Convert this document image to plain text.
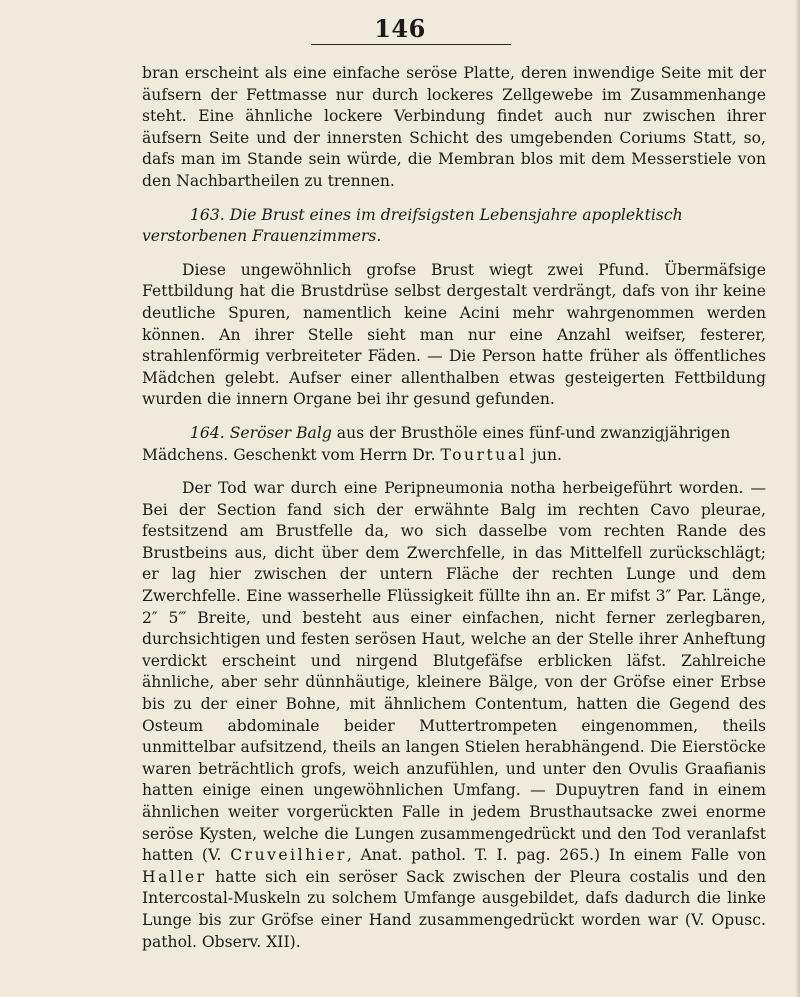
146

bran erscheint als eine einfache seröse Platte, deren inwendige Seite mit der äufsern der Fettmasse nur durch lockeres Zellgewebe im Zusammenhange steht. Eine ähnliche lockere Verbindung findet auch nur zwischen ihrer äufsern Seite und der innersten Schicht des umgebenden Coriums Statt, so, dafs man im Stande sein würde, die Membran blos mit dem Messerstiele von den Nachbartheilen zu trennen.

163. Die Brust eines im dreifsigsten Lebensjahre apoplektisch verstorbenen Frauenzimmers.

Diese ungewöhnlich grofse Brust wiegt zwei Pfund. Übermäfsige Fettbildung hat die Brustdrüse selbst dergestalt verdrängt, dafs von ihr keine deutliche Spuren, namentlich keine Acini mehr wahrgenommen werden können. An ihrer Stelle sieht man nur eine Anzahl weifser, festerer, strahlenförmig verbreiteter Fäden. — Die Person hatte früher als öffentliches Mädchen gelebt. Aufser einer allenthalben etwas gesteigerten Fettbildung wurden die innern Organe bei ihr gesund gefunden.

164. Seröser Balg aus der Brusthöle eines fünf-und zwanzigjährigen Mädchens. Geschenkt vom Herrn Dr. Tourtual jun.

Der Tod war durch eine Peripneumonia notha herbeigeführt worden. — Bei der Section fand sich der erwähnte Balg im rechten Cavo pleurae, festsitzend am Brustfelle da, wo sich dasselbe vom rechten Rande des Brustbeins aus, dicht über dem Zwerchfelle, in das Mittelfell zurückschlägt; er lag hier zwischen der untern Fläche der rechten Lunge und dem Zwerchfelle. Eine wasserhelle Flüssigkeit füllte ihn an. Er mifst 3″ Par. Länge, 2″ 5‴ Breite, und besteht aus einer einfachen, nicht ferner zerlegbaren, durchsichtigen und festen serösen Haut, welche an der Stelle ihrer Anheftung verdickt erscheint und nirgend Blutgefäfse erblicken läfst. Zahlreiche ähnliche, aber sehr dünnhäutige, kleinere Bälge, von der Gröfse einer Erbse bis zu der einer Bohne, mit ähnlichem Contentum, hatten die Gegend des Osteum abdominale beider Muttertrompeten eingenommen, theils unmittelbar aufsitzend, theils an langen Stielen herabhängend. Die Eierstöcke waren beträchtlich grofs, weich anzufühlen, und unter den Ovulis Graafianis hatten einige einen ungewöhnlichen Umfang. — Dupuytren fand in einem ähnlichen weiter vorgerückten Falle in jedem Brusthautsacke zwei enorme seröse Kysten, welche die Lungen zusammengedrückt und den Tod veranlafst hatten (V. Cruveilhier, Anat. pathol. T. I. pag. 265.) In einem Falle von Haller hatte sich ein seröser Sack zwischen der Pleura costalis und den Intercostal-Muskeln zu solchem Umfange ausgebildet, dafs dadurch die linke Lunge bis zur Gröfse einer Hand zusammengedrückt worden war (V. Opusc. pathol. Observ. XII).
